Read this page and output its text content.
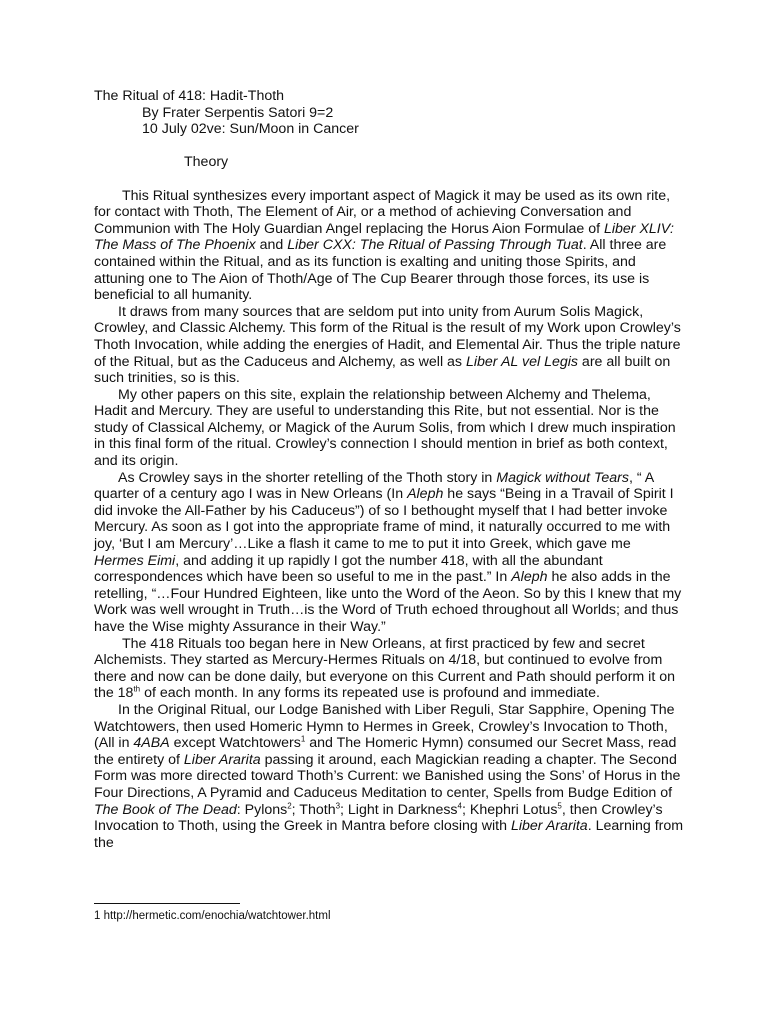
The Ritual of 418: Hadit-Thoth
By Frater Serpentis Satori 9=2
10 July 02ve: Sun/Moon in Cancer
Theory

This Ritual synthesizes every important aspect of Magick it may be used as its own rite, for contact with Thoth, The Element of Air, or a method of achieving Conversation and Communion with The Holy Guardian Angel replacing the Horus Aion Formulae of Liber XLIV: The Mass of The Phoenix and Liber CXX: The Ritual of Passing Through Tuat. All three are contained within the Ritual, and as its function is exalting and uniting those Spirits, and attuning one to The Aion of Thoth/Age of The Cup Bearer through those forces, its use is beneficial to all humanity.

It draws from many sources that are seldom put into unity from Aurum Solis Magick, Crowley, and Classic Alchemy. This form of the Ritual is the result of my Work upon Crowley’s Thoth Invocation, while adding the energies of Hadit, and Elemental Air. Thus the triple nature of the Ritual, but as the Caduceus and Alchemy, as well as Liber AL vel Legis are all built on such trinities, so is this.

My other papers on this site, explain the relationship between Alchemy and Thelema, Hadit and Mercury. They are useful to understanding this Rite, but not essential. Nor is the study of Classical Alchemy, or Magick of the Aurum Solis, from which I drew much inspiration in this final form of the ritual. Crowley’s connection I should mention in brief as both context, and its origin.

As Crowley says in the shorter retelling of the Thoth story in Magick without Tears, “ A quarter of a century ago I was in New Orleans (In Aleph he says “Being in a Travail of Spirit I did invoke the All-Father by his Caduceus”) of so I bethought myself that I had better invoke Mercury. As soon as I got into the appropriate frame of mind, it naturally occurred to me with joy, ‘But I am Mercury’…Like a flash it came to me to put it into Greek, which gave me Hermes Eimi, and adding it up rapidly I got the number 418, with all the abundant correspondences which have been so useful to me in the past.” In Aleph he also adds in the retelling, “…Four Hundred Eighteen, like unto the Word of the Aeon. So by this I knew that my Work was well wrought in Truth…is the Word of Truth echoed throughout all Worlds; and thus have the Wise mighty Assurance in their Way.”

The 418 Rituals too began here in New Orleans, at first practiced by few and secret Alchemists. They started as Mercury-Hermes Rituals on 4/18, but continued to evolve from there and now can be done daily, but everyone on this Current and Path should perform it on the 18th of each month. In any forms its repeated use is profound and immediate.

In the Original Ritual, our Lodge Banished with Liber Reguli, Star Sapphire, Opening The Watchtowers, then used Homeric Hymn to Hermes in Greek, Crowley’s Invocation to Thoth, (All in 4ABA except Watchtowers$^1$ and The Homeric Hymn) consumed our Secret Mass, read the entirety of Liber Ararita passing it around, each Magickian reading a chapter. The Second Form was more directed toward Thoth’s Current: we Banished using the Sons’ of Horus in the Four Directions, A Pyramid and Caduceus Meditation to center, Spells from Budge Edition of The Book of The Dead: Pylons$^2$; Thoth$^3$; Light in Darkness$^4$; Khephri Lotus$^5$, then Crowley’s Invocation to Thoth, using the Greek in Mantra before closing with Liber Ararita. Learning from the

1 http://hermetic.com/enochia/watchtower.html
